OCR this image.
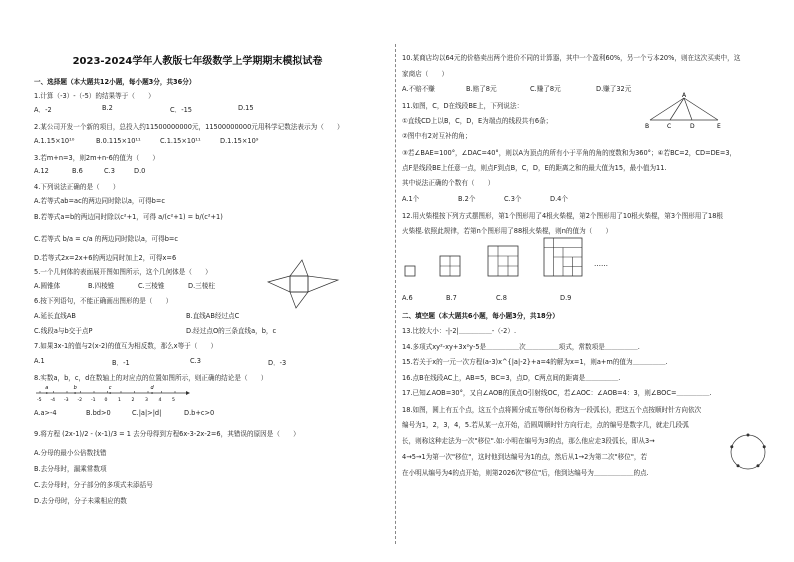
2023-2024学年人教版七年级数学上学期期末模拟试卷
一、选择题（本大题共12小题，每小题3分，共36分）
1.计算（-3）-（-5）的结果等于（　　）
A．-2	B.2	C．-15	D.15
2.某公司开发一个新的项目，总投入约11500000000元，11500000000元用科学记数法表示为（　　）
A.1.15×10¹⁰	B.0.115×10¹¹	C.1.15×10¹¹	D.1.15×10⁹
3.若m+n=3，则2m+n-6的值为（　　）
A.12	B.6	C.3	D.0
4.下列说法正确的是（　　）
A.若等式ab=ac的两边同时除以a，可得b=c
B.若等式a=b的两边同时除以c²+1，可得 a/(c²+1) = b/(c²+1)
C.若等式 b/a = c/a 的两边同时除以a，可得b=c
D.若等式2x=2x+6的两边同时加上2，可得x=6
5.一个几何体的表面展开图如图所示，这个几何体是（　　）
A.圆锥体	B.四棱锥	C.三棱锥	D.三棱柱
6.按下列语句，不能正确画出图形的是（　　）
A.延长直线AB	B.直线AB经过点C
C.线段a与b交于点P	D.经过点O的三条直线a，b，c
7.如果3x-1的值与2(x-2)的值互为相反数，那么x等于（　　）
A.1	B．-1	C.3	D．-3
8.实数a，b，c，d在数轴上的对应点的位置如图所示，则正确的结论是（　　）
-5 -4 -3 -2 -1 0 1 2 3 4 5
a	b	c	d
A.a>-4	B.bd>0	C.|a|>|d|	D.b+c>0
9.将方程 (2x-1)/2 - (x-1)/3 = 1 去分母得到方程6x-3-2x-2=6，其错误的原因是（　　）
A.分母的最小公倍数找错
B.去分母时，漏乘常数项
C.去分母时，分子部分的多项式未添括号
D.去分母时，分子未乘相应的数
10.某商店均以64元的价格卖出两个进价不同的计算器，其中一个盈利60%，另一个亏本20%，则在这次买卖中，这
家商店（　　）
A.不赔不赚	B.赔了8元	C.赚了8元	D.赚了32元
11.如图，C，D在线段BE上，下列说法：
①直线CD上以B，C，D，E为端点的线段共有6条；
②图中有2对互补的角；
A
B	C	D	E
③若∠BAE=100°，∠DAC=40°，则以A为顶点的所有小于平角的角的度数和为360°；④若BC=2，CD=DE=3，
点F是线段BE上任意一点，则点F到点B，C，D，E的距离之和的最大值为15，最小值为11.
其中说法正确的个数有（　　）
A.1个	B.2个	C.3个	D.4个
12.用火柴棍按下列方式摆图形，第1个图形用了4根火柴棍，第2个图形用了10根火柴棍，第3个图形用了18根
火柴棍.依照此规律，若第n个图形用了88根火柴棍，则n的值为（　　）
……
A.6	B.7	C.8	D.9
二、填空题（本大题共6小题，每小题3分，共18分）
13.比较大小：-|-2|＿＿＿＿＿-（-2）.
14.多项式xy²-xy+3x²y-5是＿＿＿＿＿次＿＿＿＿＿项式，常数项是＿＿＿＿＿.
15.若关于x的一元一次方程(a-3)x^{|a|-2}+a=4的解为x=1，则a+m的值为＿＿＿＿＿.
16.点B在线段AC上，AB=5，BC=3，点D，C两点间的距离是＿＿＿＿＿.
17.已知∠AOB=30°，又自∠AOB的顶点O引射线OC，若∠AOC：∠AOB=4：3，则∠BOC=＿＿＿＿＿.
18.如图，圆上有五个点，这五个点将圆分成五等份(每份称为一段弧长)，把这五个点按顺时针方向依次
编号为1，2，3，4，5.若从某一点开始，沿圆周顺时针方向行走，点的编号是数字几，就走几段弧
长，则称这种走法为一次"移位".如:小明在编号为3的点，那么他应走3段弧长，即从3→
4→5→1为第一次"移位"，这时他到达编号为1的点，然后从1→2为第二次"移位"，若
在小明从编号为4的点开始，则第2026次"移位"后，他到达编号为＿＿＿＿＿＿的点.
